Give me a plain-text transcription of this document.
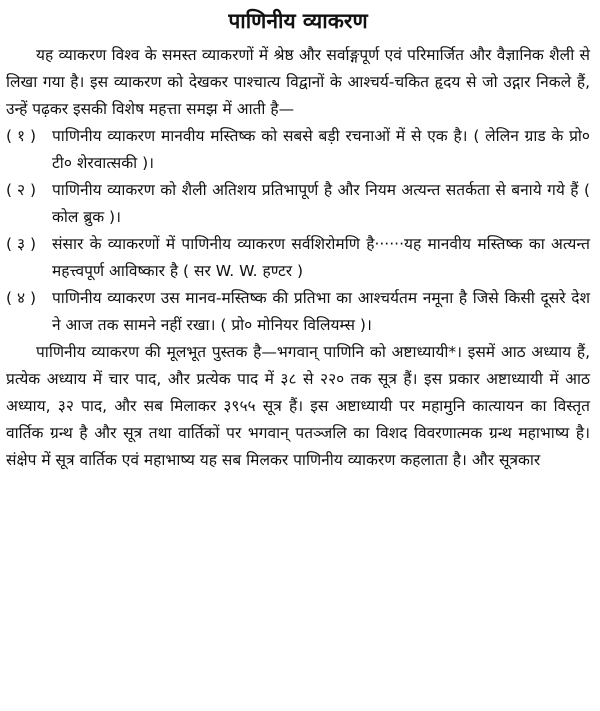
पाणिनीय व्याकरण

यह व्याकरण विश्व के समस्त व्याकरणों में श्रेष्ठ और सर्वाङ्गपूर्ण एवं परिमार्जित और वैज्ञानिक शैली से लिखा गया है। इस व्याकरण को देखकर पाश्चात्य विद्वानों के आश्चर्य-चकित हृदय से जो उद्गार निकले हैं, उन्हें पढ़कर इसकी विशेष महत्ता समझ में आती है—

( १ )	पाणिनीय व्याकरण मानवीय मस्तिष्क को सबसे बड़ी रचनाओं में से एक है। ( लेलिन ग्राड के प्रो० टी० शेरवात्सकी )।
( २ )	पाणिनीय व्याकरण को शैली अतिशय प्रतिभापूर्ण है और नियम अत्यन्त सतर्कता से बनाये गये हैं ( कोल ब्रुक )।
( ३ )	संसार के व्याकरणों में पाणिनीय व्याकरण सर्वशिरोमणि है······यह मानवीय मस्तिष्क का अत्यन्त महत्त्वपूर्ण आविष्कार है ( सर W. W. हण्टर )
( ४ )	पाणिनीय व्याकरण उस मानव-मस्तिष्क की प्रतिभा का आश्चर्यतम नमूना है जिसे किसी दूसरे देश ने आज तक सामने नहीं रखा। ( प्रो० मोनियर विलियम्स )।

पाणिनीय व्याकरण की मूलभूत पुस्तक है—भगवान् पाणिनि को अष्टाध्यायी*। इसमें आठ अध्याय हैं, प्रत्येक अध्याय में चार पाद, और प्रत्येक पाद में ३८ से २२० तक सूत्र हैं। इस प्रकार अष्टाध्यायी में आठ अध्याय, ३२ पाद, और सब मिलाकर ३९५५ सूत्र हैं। इस अष्टाध्यायी पर महामुनि कात्यायन का विस्तृत वार्तिक ग्रन्थ है और सूत्र तथा वार्तिकों पर भगवान् पतञ्जलि का विशद विवरणात्मक ग्रन्थ महाभाष्य है। संक्षेप में सूत्र वार्तिक एवं महाभाष्य यह सब मिलकर पाणिनीय व्याकरण कहलाता है। और सूत्रकार
